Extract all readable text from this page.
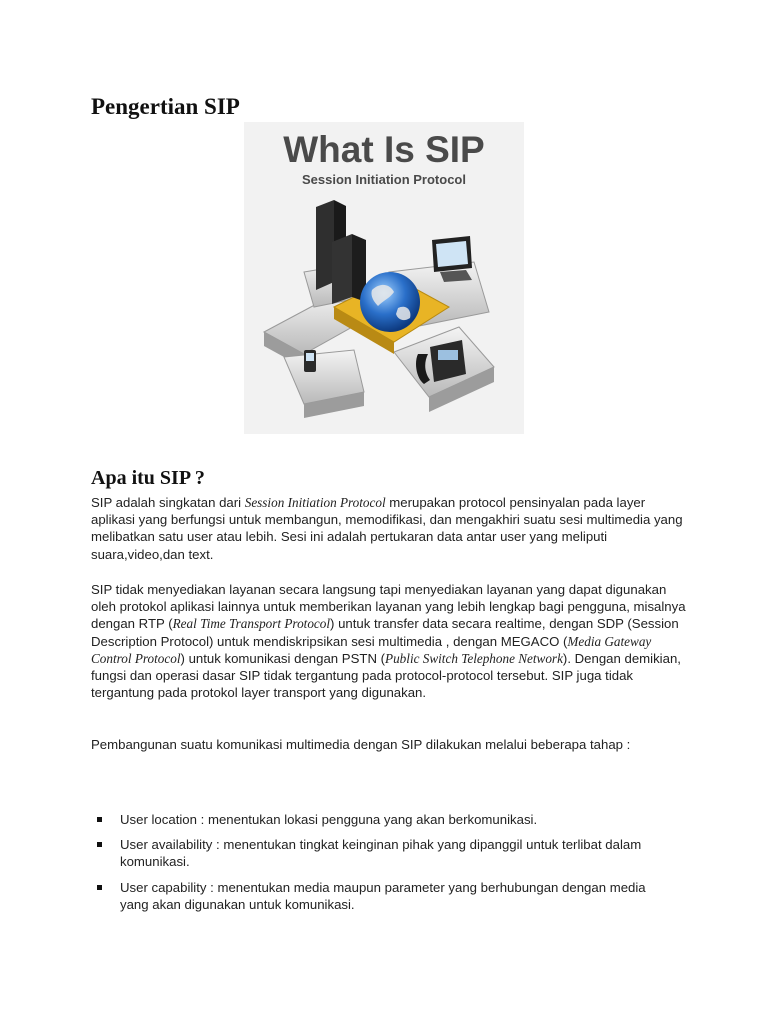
Pengertian SIP
What Is SIP
Session Initiation Protocol
Apa itu SIP ?

SIP adalah singkatan dari Session Initiation Protocol merupakan protocol pensinyalan pada layer aplikasi yang berfungsi untuk membangun, memodifikasi, dan mengakhiri suatu sesi multimedia yang melibatkan satu user atau lebih. Sesi ini adalah pertukaran data antar user yang meliputi suara,video,dan text.

SIP tidak menyediakan layanan secara langsung tapi menyediakan layanan yang dapat digunakan oleh protokol aplikasi lainnya untuk memberikan layanan yang lebih lengkap bagi pengguna, misalnya dengan RTP (Real Time Transport Protocol) untuk transfer data secara realtime, dengan SDP (Session Description Protocol) untuk mendiskripsikan sesi multimedia , dengan MEGACO (Media Gateway Control Protocol) untuk komunikasi dengan PSTN (Public Switch Telephone Network). Dengan demikian, fungsi dan operasi dasar SIP tidak tergantung pada protocol-protocol tersebut. SIP juga tidak tergantung pada protokol layer transport yang digunakan.

Pembangunan suatu komunikasi multimedia dengan SIP dilakukan melalui beberapa tahap :

User location : menentukan lokasi pengguna yang akan berkomunikasi.
User availability : menentukan tingkat keinginan pihak yang dipanggil untuk terlibat dalam komunikasi.
User capability : menentukan media maupun parameter yang berhubungan dengan media yang akan digunakan untuk komunikasi.
